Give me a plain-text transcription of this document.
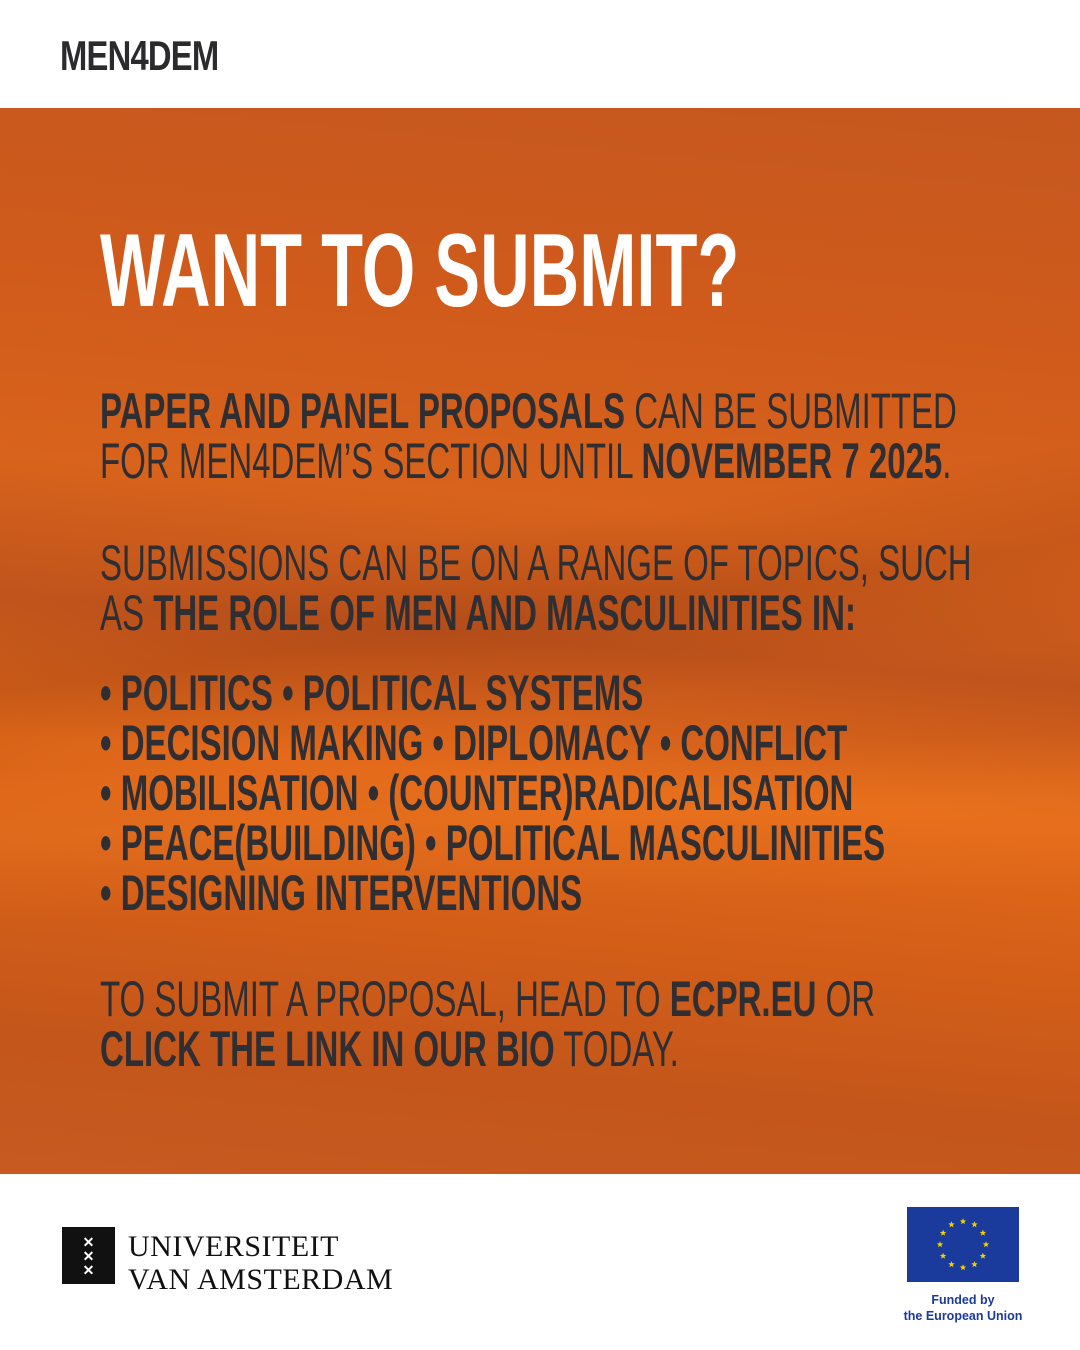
MEN4DEM
WANT TO SUBMIT?
PAPER AND PANEL PROPOSALS CAN BE SUBMITTED
FOR MEN4DEM’S SECTION UNTIL NOVEMBER 7 2025.
SUBMISSIONS CAN BE ON A RANGE OF TOPICS, SUCH
AS THE ROLE OF MEN AND MASCULINITIES IN:
• POLITICS • POLITICAL SYSTEMS
• DECISION MAKING • DIPLOMACY • CONFLICT
• MOBILISATION • (COUNTER)RADICALISATION
• PEACE(BUILDING) • POLITICAL MASCULINITIES
• DESIGNING INTERVENTIONS
TO SUBMIT A PROPOSAL, HEAD TO ECPR.EU OR
CLICK THE LINK IN OUR BIO TODAY.
✕
✕
✕
UNIVERSITEIT
VAN AMSTERDAM
Funded by
the European Union
